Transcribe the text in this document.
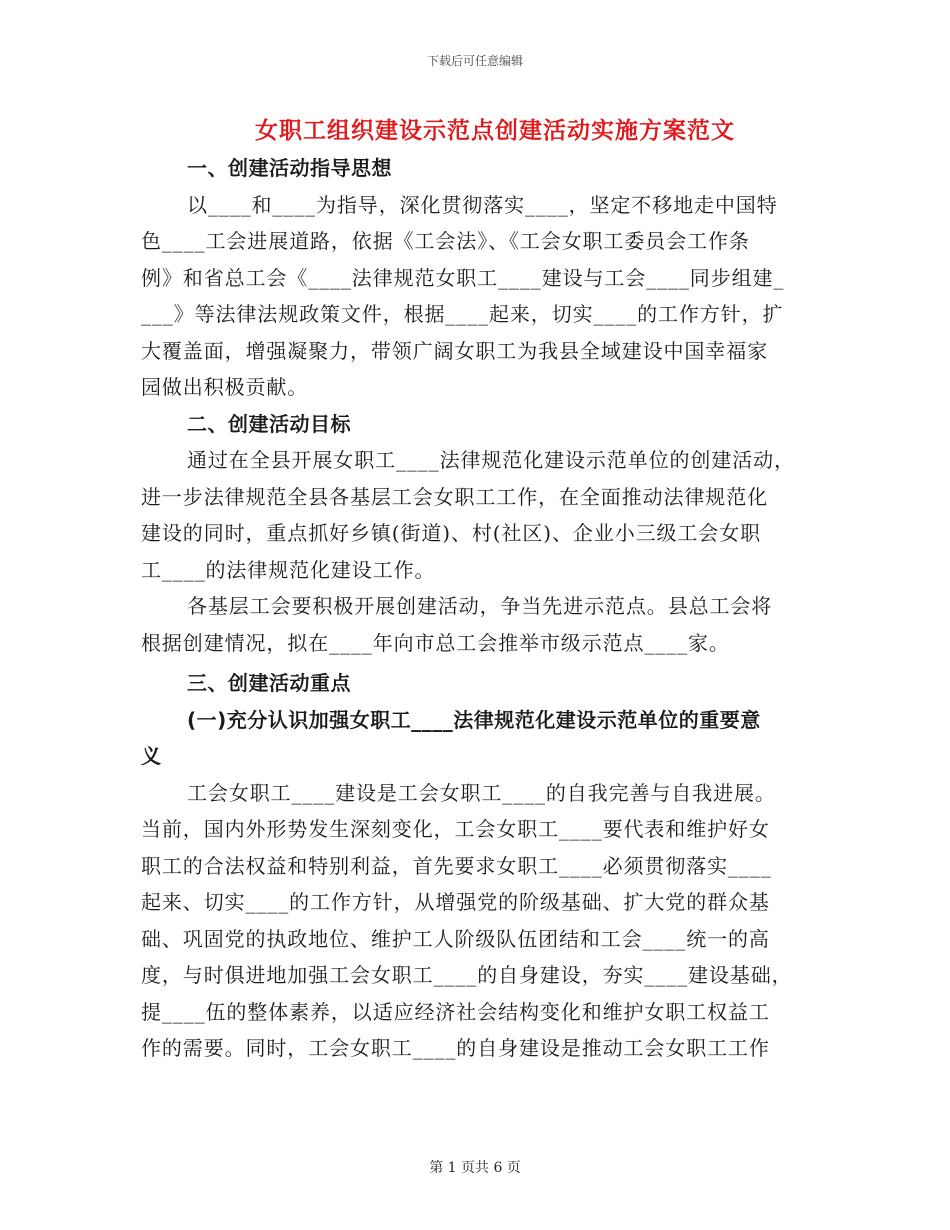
下载后可任意编辑
女职工组织建设示范点创建活动实施方案范文
一、创建活动指导思想
以____和____为指导，深化贯彻落实____，坚定不移地走中国特
色____工会进展道路，依据《工会法》、《工会女职工委员会工作条
例》和省总工会《____法律规范女职工____建设与工会____同步组建_
___》等法律法规政策文件，根据____起来，切实____的工作方针，扩
大覆盖面，增强凝聚力，带领广阔女职工为我县全域建设中国幸福家
园做出积极贡献。
二、创建活动目标
通过在全县开展女职工____法律规范化建设示范单位的创建活动，
进一步法律规范全县各基层工会女职工工作，在全面推动法律规范化
建设的同时，重点抓好乡镇(街道)、村(社区)、企业小三级工会女职
工____的法律规范化建设工作。
各基层工会要积极开展创建活动，争当先进示范点。县总工会将
根据创建情况，拟在____年向市总工会推举市级示范点____家。
三、创建活动重点
(一)充分认识加强女职工____法律规范化建设示范单位的重要意
义
工会女职工____建设是工会女职工____的自我完善与自我进展。
当前，国内外形势发生深刻变化，工会女职工____要代表和维护好女
职工的合法权益和特别利益，首先要求女职工____必须贯彻落实____
起来、切实____的工作方针，从增强党的阶级基础、扩大党的群众基
础、巩固党的执政地位、维护工人阶级队伍团结和工会____统一的高
度，与时俱进地加强工会女职工____的自身建设，夯实____建设基础，
提____伍的整体素养，以适应经济社会结构变化和维护女职工权益工
作的需要。同时，工会女职工____的自身建设是推动工会女职工工作
第 1 页共 6 页
